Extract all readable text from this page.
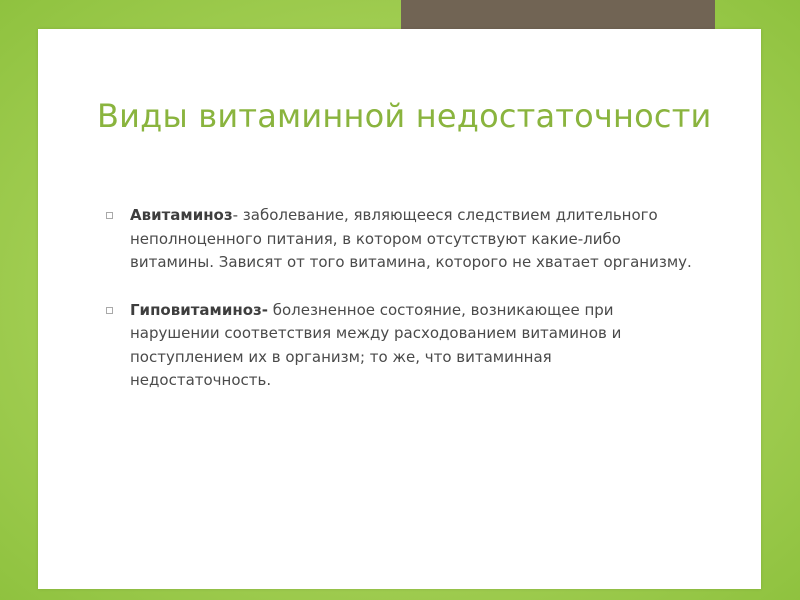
Виды витаминной недостаточности
Авитаминоз- заболевание, являющееся следствием длительного неполноценного питания, в котором отсутствуют какие-либо витамины. Зависят от того витамина, которого не хватает организму.
Гиповитаминоз- болезненное состояние, возникающее при нарушении соответствия между расходованием витаминов и поступлением их в организм; то же, что витаминная недостаточность.
